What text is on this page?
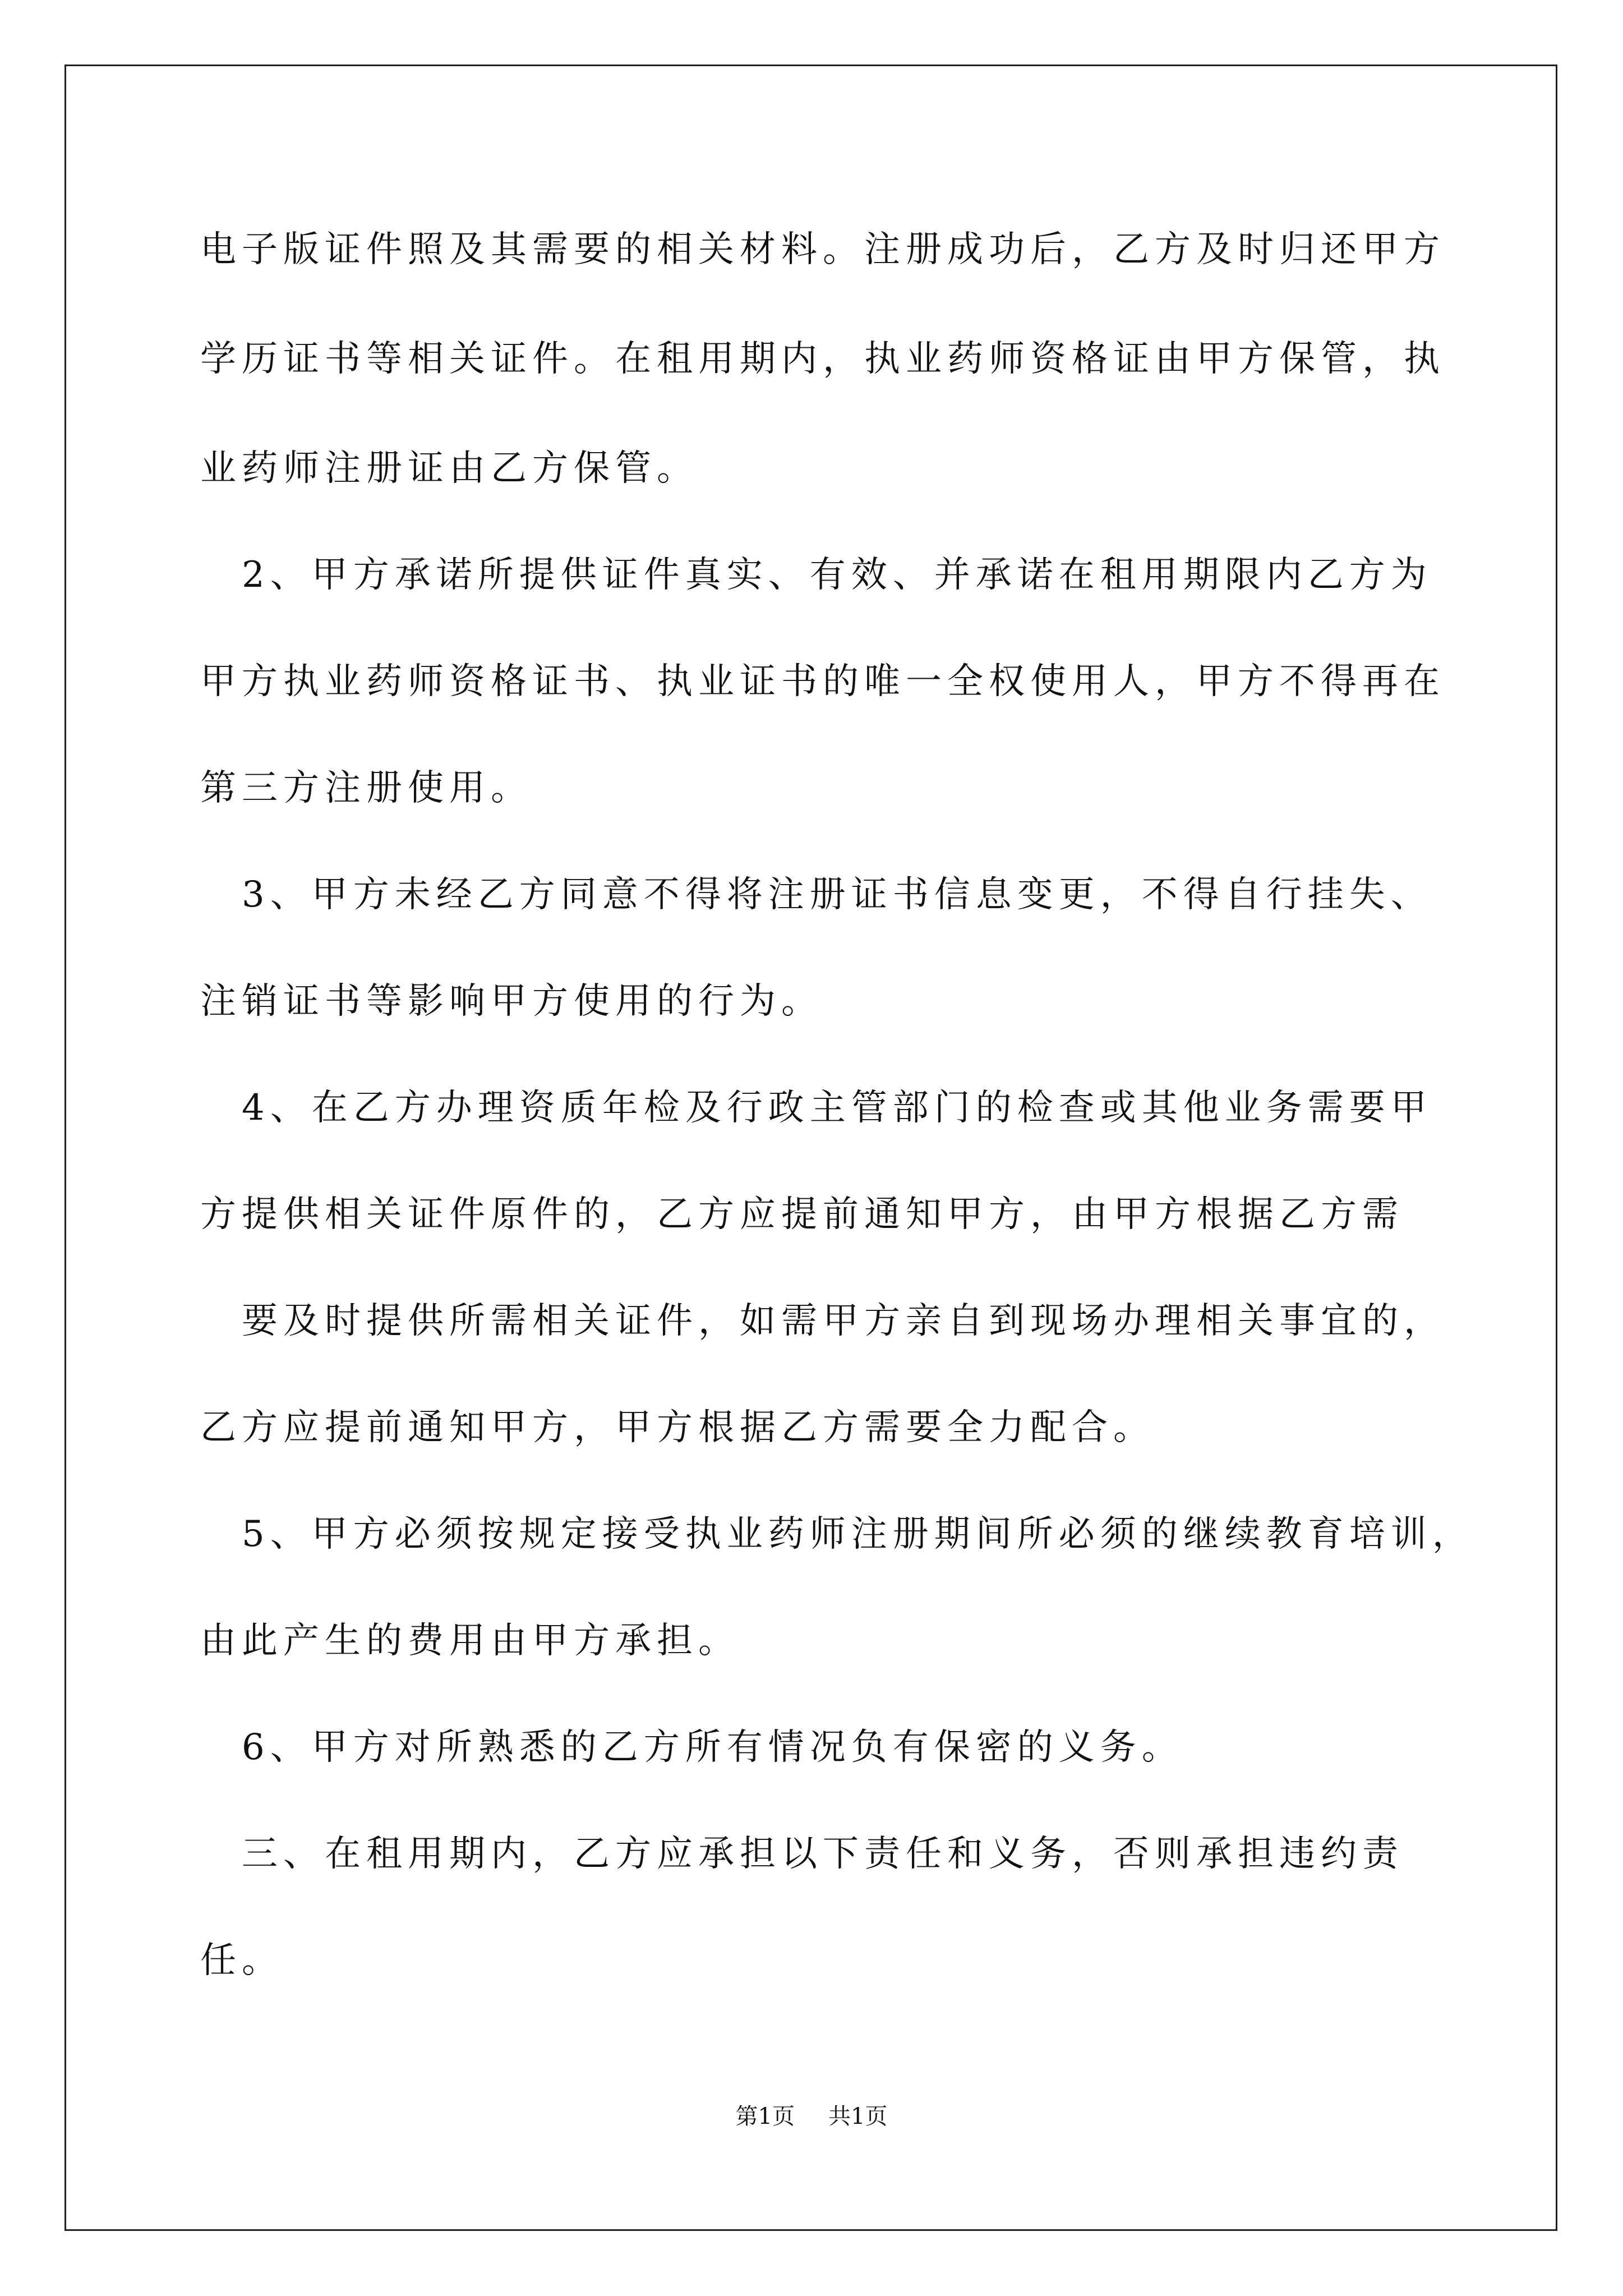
电子版证件照及其需要的相关材料。注册成功后，乙方及时归还甲方
学历证书等相关证件。在租用期内，执业药师资格证由甲方保管，执
业药师注册证由乙方保管。
　2、甲方承诺所提供证件真实、有效、并承诺在租用期限内乙方为
甲方执业药师资格证书、执业证书的唯一全权使用人，甲方不得再在
第三方注册使用。
　3、甲方未经乙方同意不得将注册证书信息变更，不得自行挂失、
注销证书等影响甲方使用的行为。
　4、在乙方办理资质年检及行政主管部门的检查或其他业务需要甲
方提供相关证件原件的，乙方应提前通知甲方，由甲方根据乙方需
　要及时提供所需相关证件，如需甲方亲自到现场办理相关事宜的，
乙方应提前通知甲方，甲方根据乙方需要全力配合。
　5、甲方必须按规定接受执业药师注册期间所必须的继续教育培训，
由此产生的费用由甲方承担。
　6、甲方对所熟悉的乙方所有情况负有保密的义务。
　三、在租用期内，乙方应承担以下责任和义务，否则承担违约责
任。
第1页 共1页
